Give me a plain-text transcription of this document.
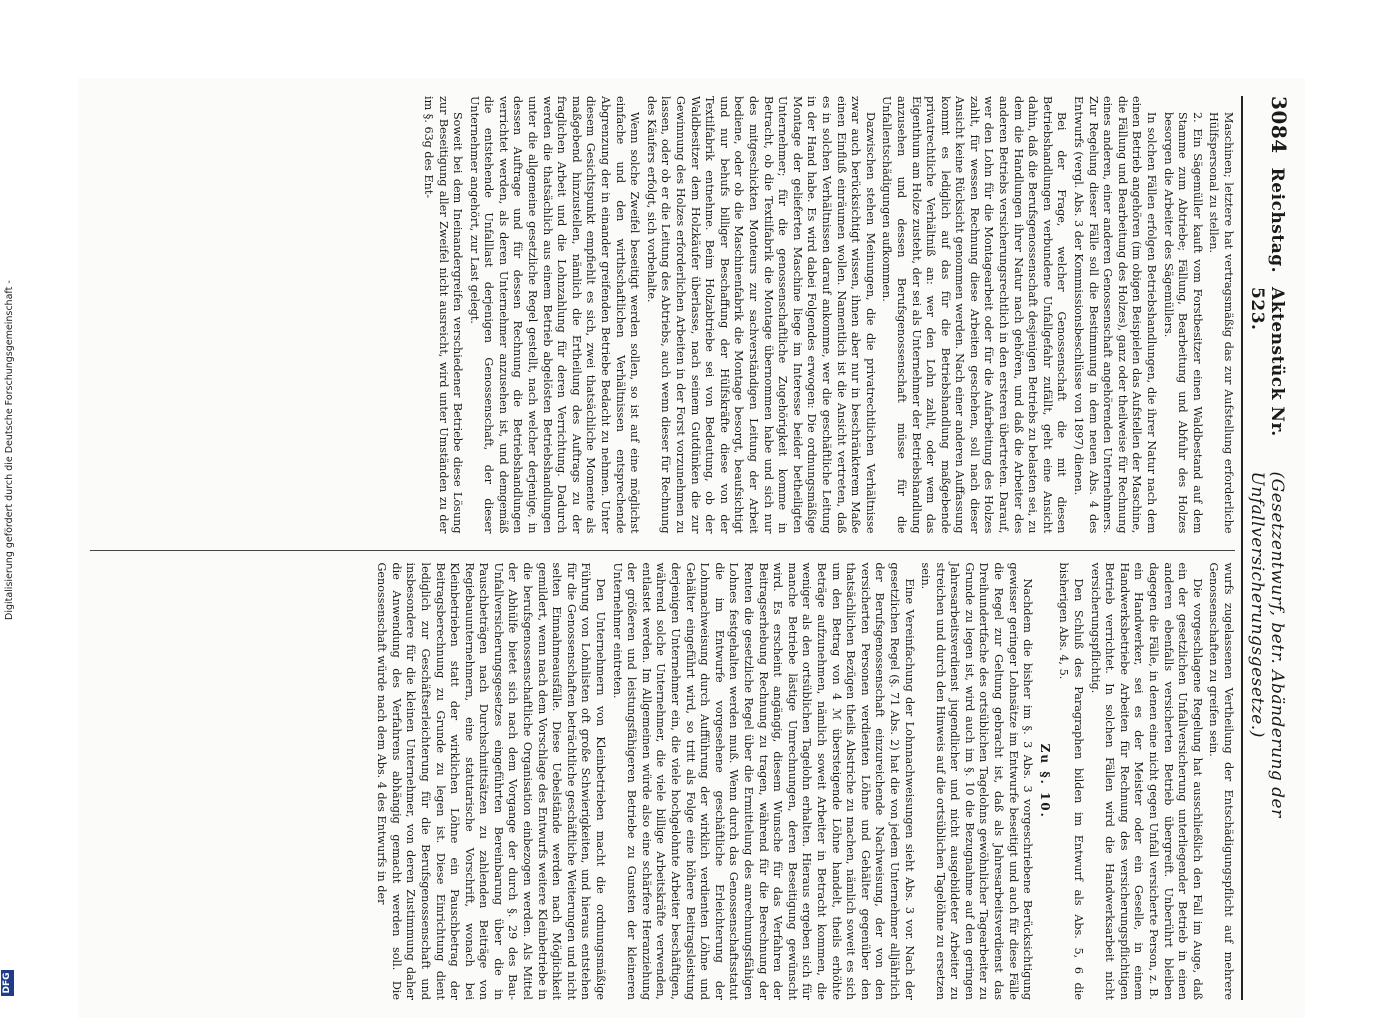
3084
Reichstag.
Aktenstück Nr. 523.
(Gesetzentwurf, betr. Abänderung der Unfallversicherungsgesetze.)

Maschinen; letztere hat vertragsmäßig das zur Aufstellung erforderliche Hülfspersonal zu stellen.

2. Ein Sägemüller kauft vom Forstbesitzer einen Waldbestand auf dem Stamme zum Abtriebe; Fällung, Bearbeitung und Abfuhr des Holzes besorgen die Arbeiter des Sägemüllers.

In solchen Fällen erfolgen Betriebshandlungen, die ihrer Natur nach dem einen Betrieb angehören (im obigen Beispielen das Aufstellen der Maschine, die Fällung und Bearbeitung des Holzes), ganz oder theilweise für Rechnung eines anderen, einer anderen Genossenschaft angehörenden Unternehmers. Zur Regelung dieser Fälle soll die Bestimmung in dem neuen Abs. 4 des Entwurfs (vergl. Abs. 3 der Kommissionsbeschlüsse von 1897) dienen.

Bei der Frage, welcher Genossenschaft die mit diesen Betriebshandlungen verbundene Unfallgefahr zufällt, geht eine Ansicht dahin, daß die Berufsgenossenschaft desjenigen Betriebs zu belasten sei, zu dem die Handlungen ihrer Natur nach gehören, und daß die Arbeiter des anderen Betriebs versicherungsrechtlich in den ersteren übertreten. Darauf, wer den Lohn für die Montagearbeit oder für die Aufarbeitung des Holzes zahlt, für wessen Rechnung diese Arbeiten geschehen, soll nach dieser Ansicht keine Rücksicht genommen werden. Nach einer anderen Auffassung kommt es lediglich auf das für die Betriebshandlung maßgebende privatrechtliche Verhältniß an: wer den Lohn zahlt, oder wem das Eigenthum am Holze zusteht, der sei als Unternehmer der Betriebshandlung anzusehen und dessen Berufsgenossenschaft müsse für die Unfallentschädigungen aufkommen.

Dazwischen stehen Meinungen, die die privatrechtlichen Verhältnisse zwar auch berücksichtigt wissen, ihnen aber nur in beschränkterem Maße einen Einfluß einräumen wollen. Namentlich ist die Ansicht vertreten, daß es in solchen Verhältnissen darauf ankomme, wer die geschäftliche Leitung in der Hand habe. Es wird dabei Folgendes erwogen: Die ordnungsmäßige Montage der gelieferten Maschine liege im Interesse beider betheiligten Unternehmer; für die genossenschaftliche Zugehörigkeit komme in Betracht, ob die Textilfabrik die Montage übernommen habe und sich nur des mitgeschickten Monteurs zur sachverständigen Leitung der Arbeit bediene, oder ob die Maschinenfabrik die Montage besorgt, beaufsichtigt und nur behufs billiger Beschaffung der Hülfskräfte diese von der Textilfabrik entnehme. Beim Holzabtriebe sei von Bedeutung, ob der Waldbesitzer dem Holzkäufer überlasse, nach seinem Gutdünken die zur Gewinnung des Holzes erforderlichen Arbeiten in der Forst vorzunehmen zu lassen, oder ob er die Leitung des Abtriebs, auch wenn dieser für Rechnung des Käufers erfolgt, sich vorbehalte.

Wenn solche Zweifel beseitigt werden sollen, so ist auf eine möglichst einfache und den wirthschaftlichen Verhältnissen entsprechende Abgrenzung der in einander greifenden Betriebe Bedacht zu nehmen. Unter diesem Gesichtspunkt empfiehlt es sich, zwei thatsächliche Momente als maßgebend hinzustellen, nämlich die Ertheilung des Auftrags zu der fraglichen Arbeit und die Lohnzahlung für deren Verrichtung. Dadurch werden die thatsächlich aus einem Betrieb abgelösten Betriebshandlungen unter die allgemeine gesetzliche Regel gestellt, nach welcher derjenige, in dessen Auftrage und für dessen Rechnung die Betriebshandlungen verrichtet werden, als deren Unternehmer anzusehen ist, und demgemäß die entstehende Unfalllast derjenigen Genossenschaft, der dieser Unternehmer angehört, zur Last gelegt.

Soweit bei dem Ineinandergreifen verschiedener Betriebe diese Lösung zur Beseitigung aller Zweifel nicht ausreicht, wird unter Umständen zu der im §. 63g des Ent-

wurfs zugelassenen Vertheilung der Entschädigungspflicht auf mehrere Genossenschaften zu greifen sein.

Die vorgeschlagene Regelung hat ausschließlich den Fall im Auge, daß ein der gesetzlichen Unfallversicherung unterliegender Betrieb in einen anderen ebenfalls versicherten Betrieb übergreift. Unberührt bleiben dagegen die Fälle, in denen eine nicht gegen Unfall versicherte Person, z. B. ein Handwerker, sei es der Meister oder ein Geselle, in einem Handwerksbetriebe Arbeiten für Rechnung des versicherungspflichtigen Betrieb verrichtet. In solchen Fällen wird die Handwerksarbeit nicht versicherungspflichtig.

Den Schluß des Paragraphen bilden im Entwurf als Abs. 5, 6 die bisherigen Abs. 4, 5.

Zu §. 10.

Nachdem die bisher im §. 3 Abs. 3 vorgeschriebene Berücksichtigung gewisser geringer Lohnsätze im Entwurfe beseitigt und auch für diese Fälle die Regel zur Geltung gebracht ist, daß als Jahresarbeitsverdienst das Dreihundertfache des ortsüblichen Tagelohns gewöhnlicher Tagearbeiter zu Grunde zu legen ist, wird auch im §. 10 die Bezugnahme auf den geringen Jahresarbeitsverdienst jugendlicher und nicht ausgebildeter Arbeiter zu streichen und durch den Hinweis auf die ortsüblichen Tagelöhne zu ersetzen sein.

Eine Vereinfachung der Lohnnachweisungen sieht Abs. 3 vor. Nach der gesetzlichen Regel (§. 71 Abs. 2) hat die von jedem Unternehmer alljährlich der Berufsgenossenschaft einzureichende Nachweisung, der von den versicherten Personen verdienten Löhne und Gehälter gegenüber den thatsächlichen Bezügen theils Abstriche zu machen, nämlich soweit es sich um den Betrag von 4 ℳ übersteigende Löhne handelt, theils erhöhte Beträge aufzunehmen, nämlich soweit Arbeiter in Betracht kommen, die weniger als den ortsüblichen Tagelohn erhalten. Hieraus ergeben sich für manche Betriebe lästige Umrechnungen, deren Beseitigung gewünscht wird. Es erscheint angängig, diesem Wunsche für das Verfahren der Beitragserhebung Rechnung zu tragen, während für die Berechnung der Renten die gesetzliche Regel über die Ermittelung des anrechnungsfähigen Lohnes festgehalten werden muß. Wenn durch das Genossenschaftsstatut die im Entwurfe vorgesehene geschäftliche Erleichterung der Lohnnachweisung durch Aufführung der wirklich verdienten Löhne und Gehälter eingeführt wird, so tritt als Folge eine höhere Beitragsleistung derjenigen Unternehmer ein, die viele hochgelohnte Arbeiter beschäftigen, während solche Unternehmer, die viele billige Arbeitskräfte verwenden, entlastet werden. Im Allgemeinen würde also eine schärfere Heranziehung der größeren und leistungsfähigeren Betriebe zu Gunsten der kleineren Unternehmer eintreten.

Den Unternehmern von Kleinbetrieben macht die ordnungsmäßige Führung von Lohnlisten oft große Schwierigkeiten, und hieraus entstehen für die Genossenschaften beträchtliche geschäftliche Weiterungen und nicht selten Einnahmeausfälle. Diese Uebelstände werden nach Möglichkeit gemildert, wenn nach dem Vorschlage des Entwurfs weitere Kleinbetriebe in die berufsgenossenschaftliche Organisation einbezogen werden. Als Mittel der Abhülfe bietet sich nach dem Vorgange der durch §. 29 des Bau-Unfallversicherungsgesetzes eingeführten Bereinbarung über die in Pauschbeträgen nach Durchschnittsätzen zu zahlenden Beiträge von Regiebauunternehmern, eine statutarische Vorschrift, wonach bei Kleinbetrieben statt der wirklichen Löhne ein Pauschbetrag der Beitragsberechnung zu Grunde zu legen ist. Diese Einrichtung dient lediglich zur Geschäftserleichterung für die Berufsgenossenschaft und insbesondere für die kleinen Unternehmer, von deren Zustimmung daher die Anwendung des Verfahrens abhängig gemacht werden soll. Die Genossenschaft würde nach dem Abs. 4 des Entwurfs in der

Digitalisierung gefördert durch die Deutsche Forschungsgemeinschaft -
DFG
